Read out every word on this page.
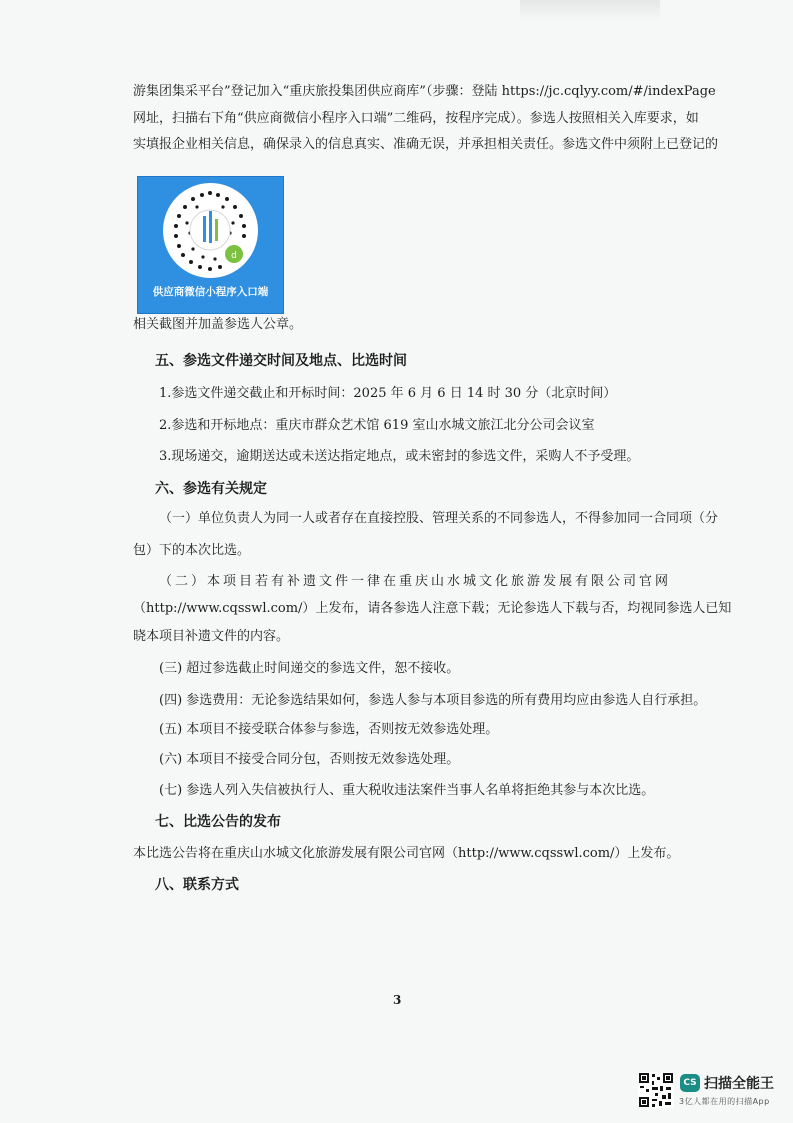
游集团集采平台”登记加入“重庆旅投集团供应商库”（步骤：登陆 https://jc.cqlyy.com/#/indexPage
网址，扫描右下角“供应商微信小程序入口端”二维码，按程序完成）。参选人按照相关入库要求，如
实填报企业相关信息，确保录入的信息真实、准确无误，并承担相关责任。参选文件中须附上已登记的
d
供应商微信小程序入口端
相关截图并加盖参选人公章。
五、参选文件递交时间及地点、比选时间
1.参选文件递交截止和开标时间：2025 年 6 月 6 日 14 时 30 分（北京时间）
2.参选和开标地点：重庆市群众艺术馆 619 室山水城文旅江北分公司会议室
3.现场递交，逾期送达或未送达指定地点，或未密封的参选文件，采购人不予受理。
六、参选有关规定
（一）单位负责人为同一人或者存在直接控股、管理关系的不同参选人，不得参加同一合同项（分
包）下的本次比选。
（二）本项目若有补遗文件一律在重庆山水城文化旅游发展有限公司官网
（http://www.cqsswl.com/）上发布，请各参选人注意下载；无论参选人下载与否，均视同参选人已知
晓本项目补遗文件的内容。
(三) 超过参选截止时间递交的参选文件，恕不接收。
(四) 参选费用：无论参选结果如何，参选人参与本项目参选的所有费用均应由参选人自行承担。
(五) 本项目不接受联合体参与参选，否则按无效参选处理。
(六) 本项目不接受合同分包，否则按无效参选处理。
(七) 参选人列入失信被执行人、重大税收违法案件当事人名单将拒绝其参与本次比选。
七、比选公告的发布
本比选公告将在重庆山水城文化旅游发展有限公司官网（http://www.cqsswl.com/）上发布。
八、联系方式
3
CS 扫描全能王
3亿人都在用的扫描App
